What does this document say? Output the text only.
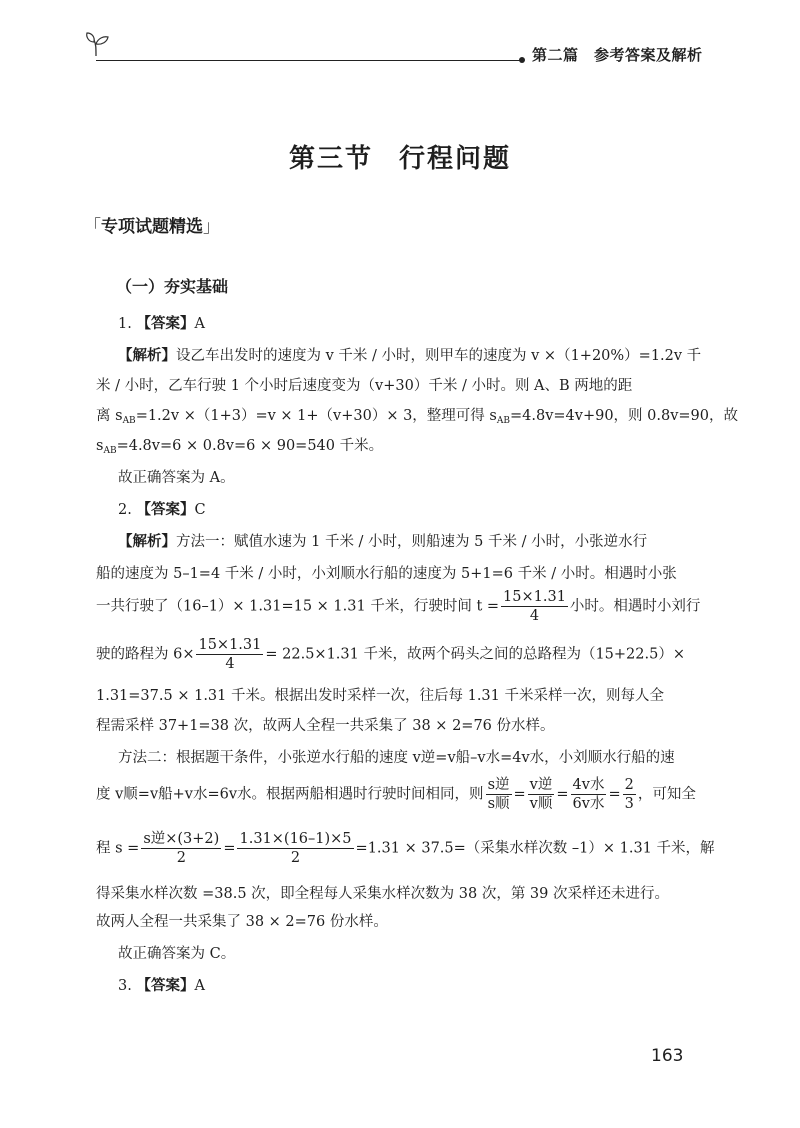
第二篇　参考答案及解析
第三节 行程问题
「专项试题精选」
（一）夯实基础
1. 【答案】A
【解析】设乙车出发时的速度为 v 千米 / 小时，则甲车的速度为 v ×（1+20%）=1.2v 千
米 / 小时，乙车行驶 1 个小时后速度变为（v+30）千米 / 小时。则 A、B 两地的距
离 $s_{AB}=1.2v \times(1+3)=v \times 1+(v+30)\times 3$，整理可得 $s_{AB}=4.8v=4v+90$，则 0.8v=90，故
$s_{AB}=4.8v=6 \times 0.8v=6 \times 90=540$ 千米。
故正确答案为 A。
2. 【答案】C
【解析】方法一：赋值水速为 1 千米 / 小时，则船速为 5 千米 / 小时，小张逆水行
船的速度为 5–1=4 千米 / 小时，小刘顺水行船的速度为 5+1=6 千米 / 小时。相遇时小张
一共行驶了（16–1）× 1.31=15 × 1.31 千米，行驶时间 $t = \frac{15\times 1.31}{4}$ 小时。相遇时小刘行
驶的路程为 $6\times \frac{15\times 1.31}{4} = 22.5\times 1.31$ 千米，故两个码头之间的总路程为（15+22.5）×
1.31=37.5 × 1.31 千米。根据出发时采样一次，往后每 1.31 千米采样一次，则每人全
程需采样 37+1=38 次，故两人全程一共采集了 38 × 2=76 份水样。
方法二：根据题干条件，小张逆水行船的速度 v逆=v船–v水=4v水，小刘顺水行船的速
度 v顺=v船+v水=6v水。根据两船相遇时行驶时间相同，则 $\frac{\text{s逆}}{\text{s顺}} = \frac{\text{v逆}}{\text{v顺}} = \frac{\text{4v水}}{\text{6v水}} = \frac{2}{3}$ ，可知全
程 $s = \frac{\text{s逆×(3+2)}}{2} = \frac{1.31\times(16-1)\times 5}{2} =1.31 \times 37.5=$（采集水样次数 –1）× 1.31 千米，解
得采集水样次数 =38.5 次，即全程每人采集水样次数为 38 次，第 39 次采样还未进行。
故两人全程一共采集了 38 × 2=76 份水样。
故正确答案为 C。
3. 【答案】A
163
